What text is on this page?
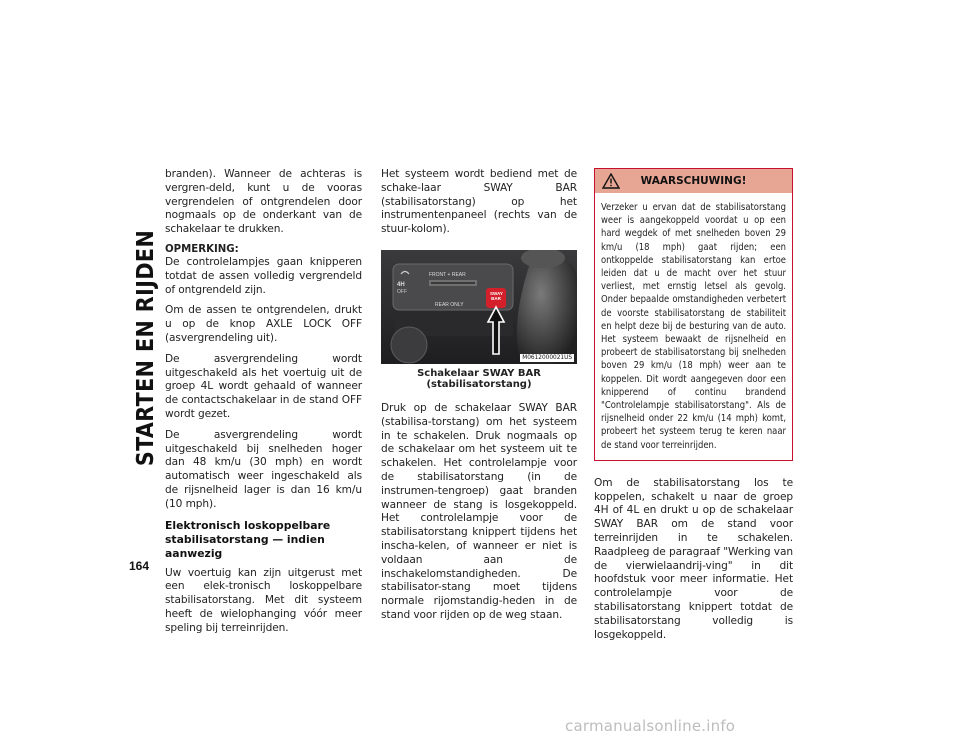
STARTEN EN RIJDEN
164

branden). Wanneer de achteras is vergren-deld, kunt u de vooras vergrendelen of ontgrendelen door nogmaals op de onderkant van de schakelaar te drukken.

OPMERKING:

De controlelampjes gaan knipperen totdat de assen volledig vergrendeld of ontgrendeld zijn.

Om de assen te ontgrendelen, drukt u op de knop AXLE LOCK OFF (asvergrendeling uit).

De asvergrendeling wordt uitgeschakeld als het voertuig uit de groep 4L wordt gehaald of wanneer de contactschakelaar in de stand OFF wordt gezet.

De asvergrendeling wordt uitgeschakeld bij snelheden hoger dan 48 km/u (30 mph) en wordt automatisch weer ingeschakeld als de rijsnelheid lager is dan 16 km/u (10 mph).

Elektronisch loskoppelbare stabilisatorstang — indien aanwezig

Uw voertuig kan zijn uitgerust met een elek-tronisch loskoppelbare stabilisatorstang. Met dit systeem heeft de wielophanging vóór meer speling bij terreinrijden.

Het systeem wordt bediend met de schake-laar SWAY BAR (stabilisatorstang) op het instrumentenpaneel (rechts van de stuur-kolom).

4H
OFF
FRONT + REAR
REAR ONLY
SWAY
BAR
M0612000021US
Schakelaar SWAY BAR (stabilisatorstang)

Druk op de schakelaar SWAY BAR (stabilisa-torstang) om het systeem in te schakelen. Druk nogmaals op de schakelaar om het systeem uit te schakelen. Het controlelampje voor de stabilisatorstang (in de instrumen-tengroep) gaat branden wanneer de stang is losgekoppeld. Het controlelampje voor de stabilisatorstang knippert tijdens het inscha-kelen, of wanneer er niet is voldaan aan de inschakelomstandigheden. De stabilisator-stang moet tijdens normale rijomstandig-heden in de stand voor rijden op de weg staan.

WAARSCHUWING!
Verzeker u ervan dat de stabilisatorstang weer is aangekoppeld voordat u op een hard wegdek of met snelheden boven 29 km/u (18 mph) gaat rijden; een ontkoppelde stabilisatorstang kan ertoe leiden dat u de macht over het stuur verliest, met ernstig letsel als gevolg. Onder bepaalde omstandigheden verbetert de voorste stabilisatorstang de stabiliteit en helpt deze bij de besturing van de auto. Het systeem bewaakt de rijsnelheid en probeert de stabilisatorstang bij snelheden boven 29 km/u (18 mph) weer aan te koppelen. Dit wordt aangegeven door een knipperend of continu brandend "Controlelampje stabilisatorstang". Als de rijsnelheid onder 22 km/u (14 mph) komt, probeert het systeem terug te keren naar de stand voor terreinrijden.

Om de stabilisatorstang los te koppelen, schakelt u naar de groep 4H of 4L en drukt u op de schakelaar SWAY BAR om de stand voor terreinrijden in te schakelen. Raadpleeg de paragraaf "Werking van de vierwielaandrij-ving" in dit hoofdstuk voor meer informatie. Het controlelampje voor de stabilisatorstang knippert totdat de stabilisatorstang volledig is losgekoppeld.

carmanualsonline.info
